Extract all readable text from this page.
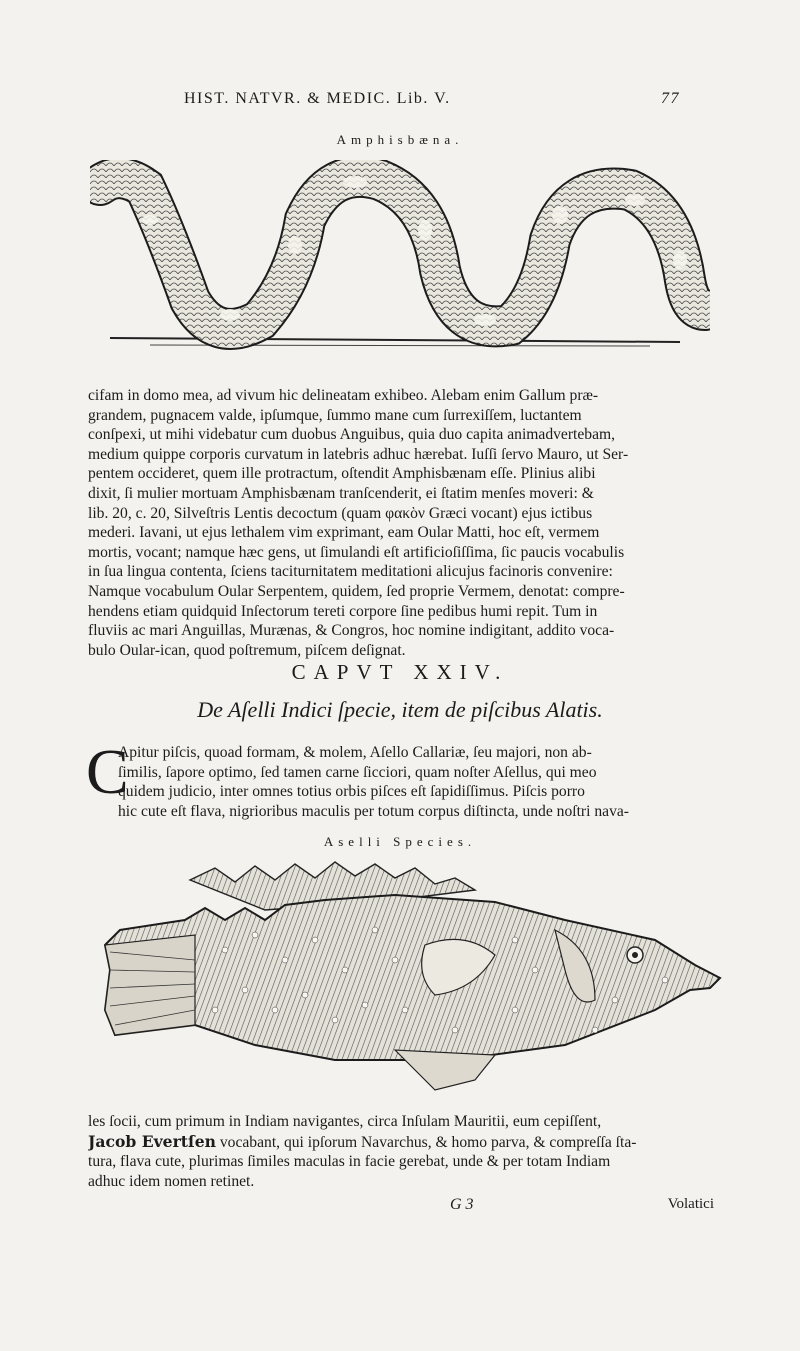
HIST. NATVR. & MEDIC. Lib. V.	77
Amphisbæna.
cifam in domo mea, ad vivum hic delineatam exhibeo. Alebam enim Gallum præ-
grandem, pugnacem valde, ipſumque, ſummo mane cum ſurrexiſſem, luctantem
conſpexi, ut mihi videbatur cum duobus Anguibus, quia duo capita animadvertebam,
medium quippe corporis curvatum in latebris adhuc hærebat. Iuſſi ſervo Mauro, ut Ser-
pentem occideret, quem ille protractum, oſtendit Amphisbænam eſſe. Plinius alibi
dixit, ſi mulier mortuam Amphisbænam tranſcenderit, ei ſtatim menſes moveri: &
lib. 20, c. 20, Silveſtris Lentis decoctum (quam φακὸν Græci vocant) ejus ictibus
mederi. Iavani, ut ejus lethalem vim exprimant, eam Oular Matti, hoc eſt, vermem
mortis, vocant; namque hæc gens, ut ſimulandi eſt artificioſiſſima, ſic paucis vocabulis
in ſua lingua contenta, ſciens taciturnitatem meditationi alicujus facinoris convenire:
Namque vocabulum Oular Serpentem, quidem, ſed proprie Vermem, denotat: compre-
hendens etiam quidquid Inſectorum tereti corpore ſine pedibus humi repit. Tum in
fluviis ac mari Anguillas, Murænas, & Congros, hoc nomine indigitant, addito voca-
bulo Oular-ican, quod poſtremum, piſcem deſignat.
CAPVT XXIV.
De Aſelli Indici ſpecie, item de piſcibus Alatis.
C
Apitur piſcis, quoad formam, & molem, Aſello Callariæ, ſeu majori, non ab-
ſimilis, ſapore optimo, ſed tamen carne ſicciori, quam noſter Aſellus, qui meo
quidem judicio, inter omnes totius orbis piſces eſt ſapidiſſimus. Piſcis porro
hic cute eſt flava, nigrioribus maculis per totum corpus diſtincta, unde noſtri nava-
Aselli Species.
les ſocii, cum primum in Indiam navigantes, circa Inſulam Mauritii, eum cepiſſent,
Jacob Evertſen vocabant, qui ipſorum Navarchus, & homo parva, & compreſſa ſta-
tura, flava cute, plurimas ſimiles maculas in facie gerebat, unde & per totam Indiam
adhuc idem nomen retinet.
G 3	Volatici
